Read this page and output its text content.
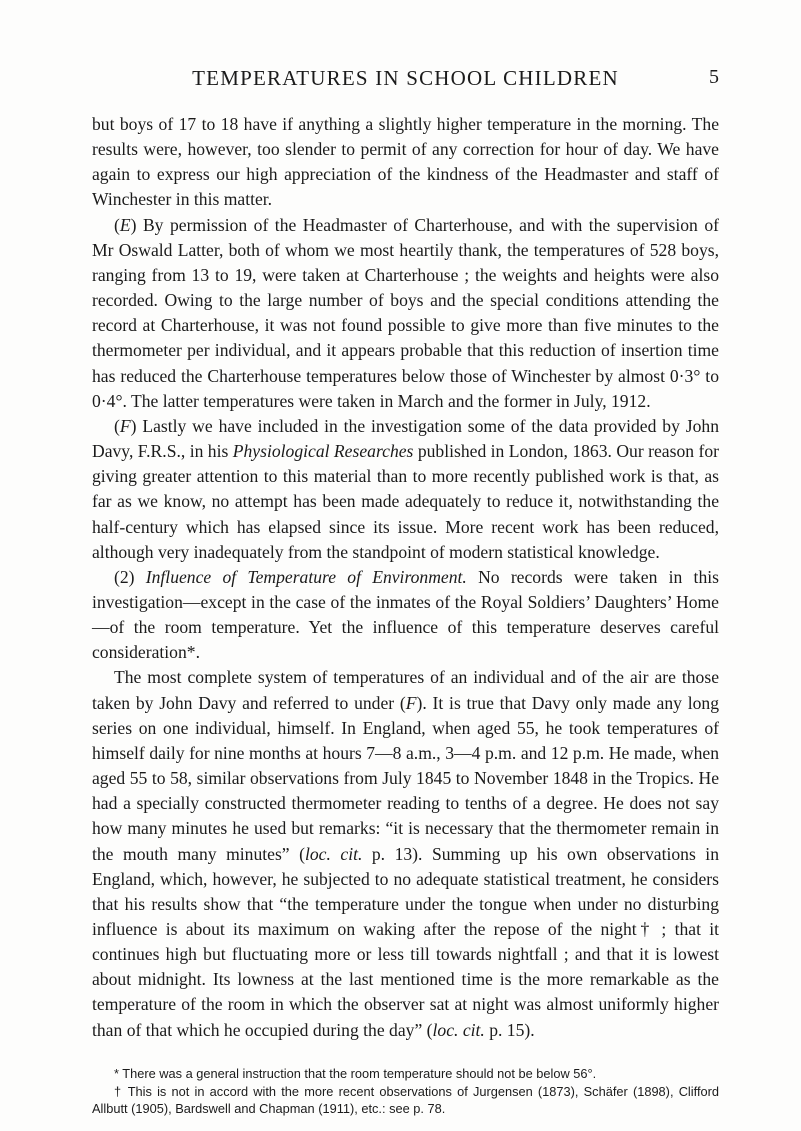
TEMPERATURES IN SCHOOL CHILDREN	5

but boys of 17 to 18 have if anything a slightly higher temperature in the morning. The results were, however, too slender to permit of any correction for hour of day. We have again to express our high appreciation of the kindness of the Headmaster and staff of Winchester in this matter.

(E) By permission of the Headmaster of Charterhouse, and with the supervision of Mr Oswald Latter, both of whom we most heartily thank, the temperatures of 528 boys, ranging from 13 to 19, were taken at Charterhouse ; the weights and heights were also recorded. Owing to the large number of boys and the special conditions attending the record at Charterhouse, it was not found possible to give more than five minutes to the thermometer per individual, and it appears probable that this reduction of insertion time has reduced the Charterhouse temperatures below those of Winchester by almost 0·3° to 0·4°. The latter temperatures were taken in March and the former in July, 1912.

(F) Lastly we have included in the investigation some of the data provided by John Davy, F.R.S., in his Physiological Researches published in London, 1863. Our reason for giving greater attention to this material than to more recently published work is that, as far as we know, no attempt has been made adequately to reduce it, notwithstanding the half-century which has elapsed since its issue. More recent work has been reduced, although very inadequately from the standpoint of modern statistical knowledge.

(2) Influence of Temperature of Environment. No records were taken in this investigation—except in the case of the inmates of the Royal Soldiers’ Daughters’ Home—of the room temperature. Yet the influence of this temperature deserves careful consideration*.

The most complete system of temperatures of an individual and of the air are those taken by John Davy and referred to under (F). It is true that Davy only made any long series on one individual, himself. In England, when aged 55, he took temperatures of himself daily for nine months at hours 7—8 a.m., 3—4 p.m. and 12 p.m. He made, when aged 55 to 58, similar observations from July 1845 to November 1848 in the Tropics. He had a specially constructed thermometer reading to tenths of a degree. He does not say how many minutes he used but remarks: “it is necessary that the thermometer remain in the mouth many minutes” (loc. cit. p. 13). Summing up his own observations in England, which, however, he subjected to no adequate statistical treatment, he considers that his results show that “the temperature under the tongue when under no disturbing influence is about its maximum on waking after the repose of the night† ; that it continues high but fluctuating more or less till towards nightfall ; and that it is lowest about midnight. Its lowness at the last mentioned time is the more remarkable as the temperature of the room in which the observer sat at night was almost uniformly higher than of that which he occupied during the day” (loc. cit. p. 15).

* There was a general instruction that the room temperature should not be below 56°.

† This is not in accord with the more recent observations of Jurgensen (1873), Schäfer (1898), Clifford Allbutt (1905), Bardswell and Chapman (1911), etc.: see p. 78.
